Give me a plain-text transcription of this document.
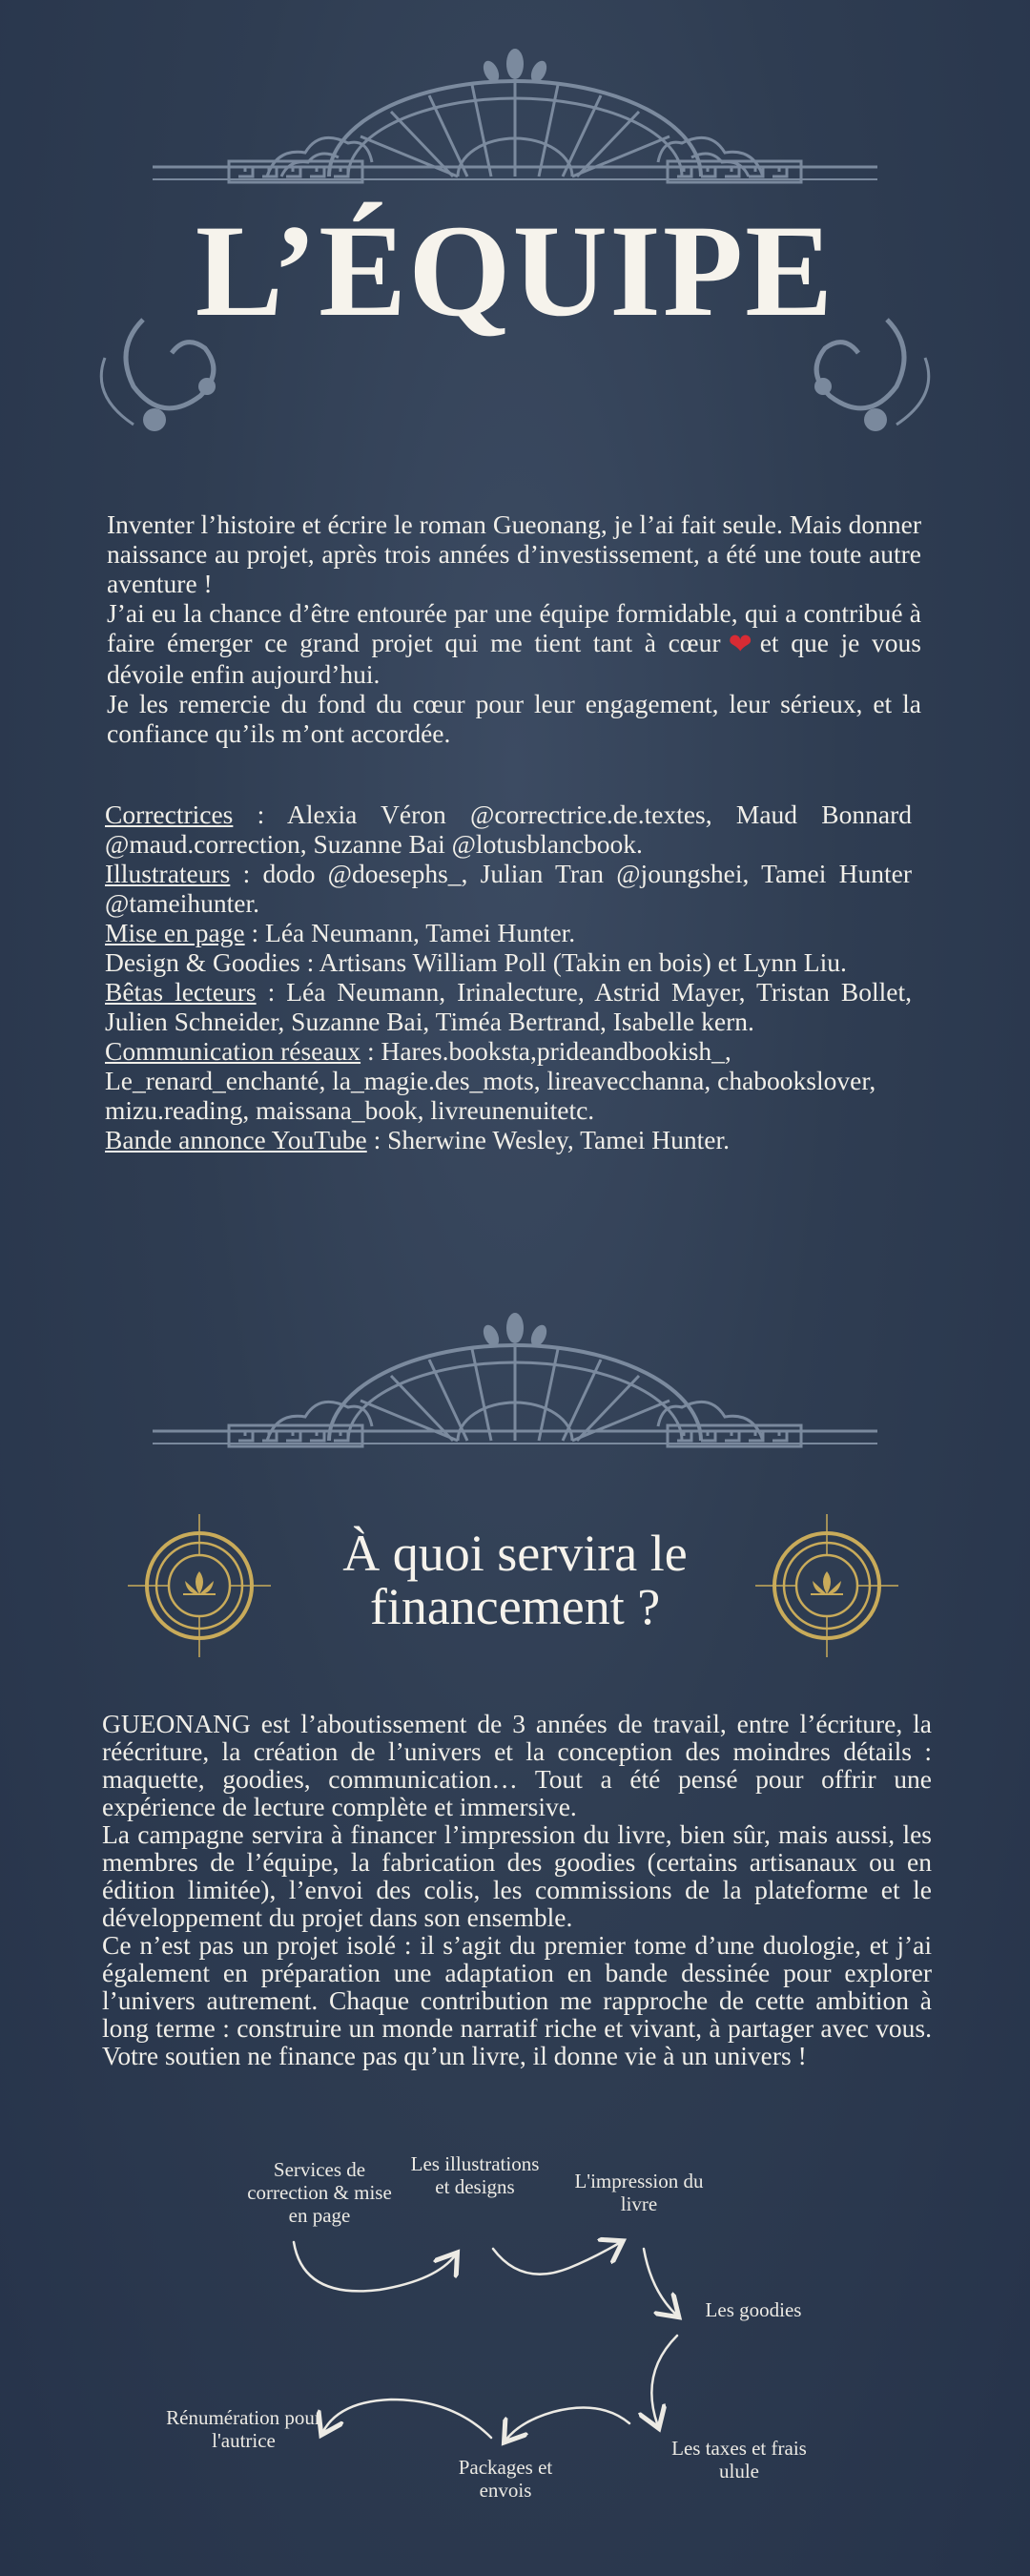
L’ÉQUIPE

Inventer l’histoire et écrire le roman Gueonang, je l’ai fait seule. Mais donner naissance au projet, après trois années d’investissement, a été une toute autre aventure !

J’ai eu la chance d’être entourée par une équipe formidable, qui a contribué à faire émerger ce grand projet qui me tient tant à cœur ❤ et que je vous dévoile enfin aujourd’hui.

Je les remercie du fond du cœur pour leur engagement, leur sérieux, et la confiance qu’ils m’ont accordée.

Correctrices : Alexia Véron @correctrice.de.textes, Maud Bonnard @maud.correction, Suzanne Bai @lotusblancbook.

Illustrateurs : dodo @doesephs_, Julian Tran @joungshei, Tamei Hunter @tameihunter.

Mise en page : Léa Neumann, Tamei Hunter.

Design & Goodies : Artisans William Poll (Takin en bois) et Lynn Liu.

Bêtas lecteurs : Léa Neumann, Irinalecture, Astrid Mayer, Tristan Bollet, Julien Schneider, Suzanne Bai, Timéa Bertrand, Isabelle kern.

Communication réseaux : Hares.booksta,prideandbookish_, Le_renard_enchanté, la_magie.des_mots, lireavecchanna, chabookslover, mizu.reading, maissana_book, livreunenuitetc.

Bande annonce YouTube : Sherwine Wesley, Tamei Hunter.

À quoi servira le financement ?

GUEONANG est l’aboutissement de 3 années de travail, entre l’écriture, la réécriture, la création de l’univers et la conception des moindres détails : maquette, goodies, communication… Tout a été pensé pour offrir une expérience de lecture complète et immersive.

La campagne servira à financer l’impression du livre, bien sûr, mais aussi, les membres de l’équipe, la fabrication des goodies (certains artisanaux ou en édition limitée), l’envoi des colis, les commissions de la plateforme et le développement du projet dans son ensemble.

Ce n’est pas un projet isolé : il s’agit du premier tome d’une duologie, et j’ai également en préparation une adaptation en bande dessinée pour explorer l’univers autrement. Chaque contribution me rapproche de cette ambition à long terme : construire un monde narratif riche et vivant, à partager avec vous. Votre soutien ne finance pas qu’un livre, il donne vie à un univers !

Services de correction & mise en page
Les illustrations et designs	L'impression du livre
Les goodies
Les taxes et frais ulule
Packages et envois
Rénumération pour l'autrice
